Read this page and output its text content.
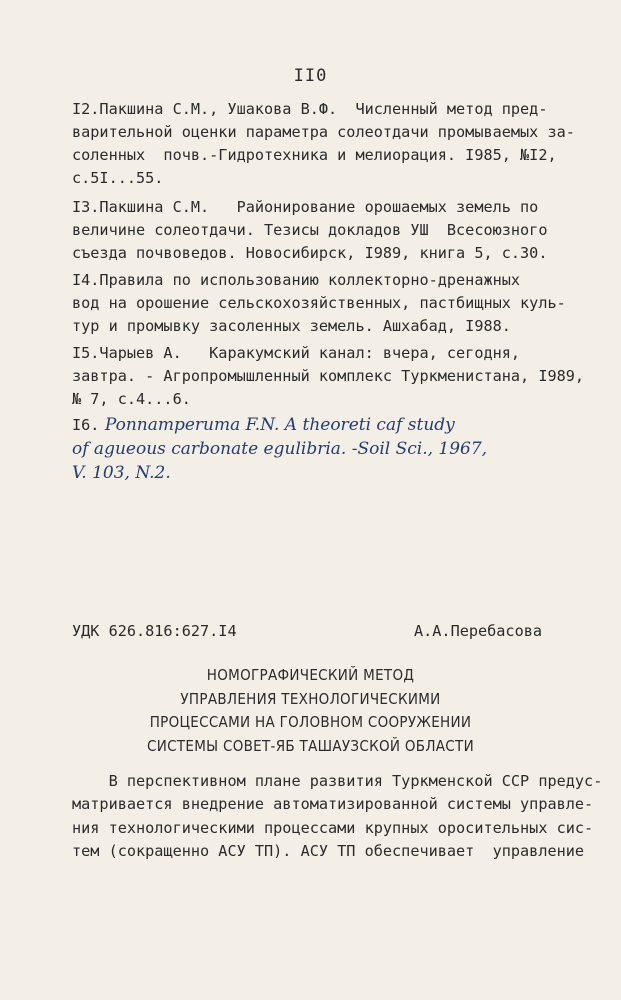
II0
I2.Пакшина С.М., Ушакова В.Ф.  Численный метод пред-
варительной оценки параметра солеотдачи промываемых за-
соленных  почв.-Гидротехника и мелиорация. I985, №I2,
с.5I...55.
I3.Пакшина С.М.   Районирование орошаемых земель по
величине солеотдачи. Тезисы докладов УШ  Всесоюзного
съезда почвоведов. Новосибирск, I989, книга 5, с.30.
I4.Правила по использованию коллекторно-дренажных
вод на орошение сельскохозяйственных, пастбищных куль-
тур и промывку засоленных земель. Ашхабад, I988.
I5.Чарыев А.   Каракумский канал: вчера, сегодня,
завтра. - Агропромышленный комплекс Туркменистана, I989,
№ 7, с.4...6.
I6. Ponnamperuma F.N. A theoreti caf study
of agueous carbonate egulibria. -Soil Sci., 1967,
V. 103, N.2.
УДК 626.816:627.I4	А.А.Перебасова
НОМОГРАФИЧЕСКИЙ МЕТОД
УПРАВЛЕНИЯ ТЕХНОЛОГИЧЕСКИМИ
ПРОЦЕССАМИ НА ГОЛОВНОМ СООРУЖЕНИИ
СИСТЕМЫ СОВЕТ-ЯБ ТАШАУЗСКОЙ ОБЛАСТИ
В перспективном плане развития Туркменской ССР предус-
матривается внедрение автоматизированной системы управле-
ния технологическими процессами крупных оросительных сис-
тем (сокращенно АСУ ТП). АСУ ТП обеспечивает  управление
